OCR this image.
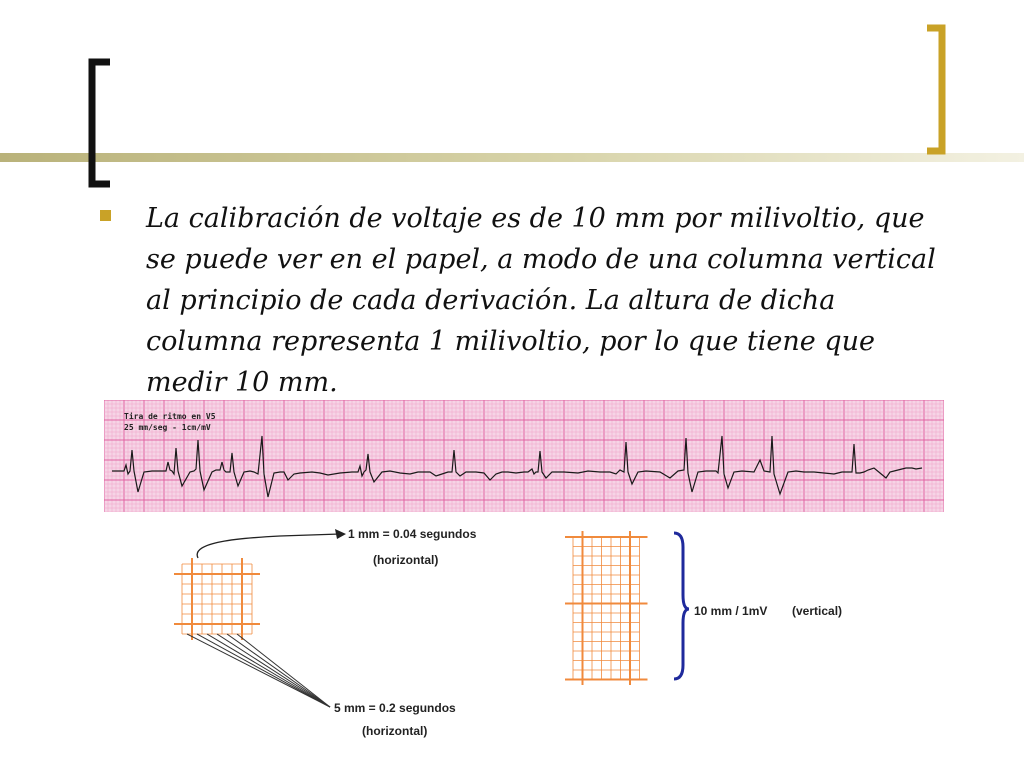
La calibración de voltaje es de 10 mm por milivoltio, que se puede ver en el papel, a modo de una columna vertical al principio de cada derivación. La altura de dicha columna representa 1 milivoltio, por lo que tiene que medir 10 mm.

Tira de ritmo en V5
25 mm/seg - 1cm/mV
1 mm = 0.04 segundos
(horizontal)
5 mm = 0.2 segundos
(horizontal)
10 mm / 1mV (vertical)
